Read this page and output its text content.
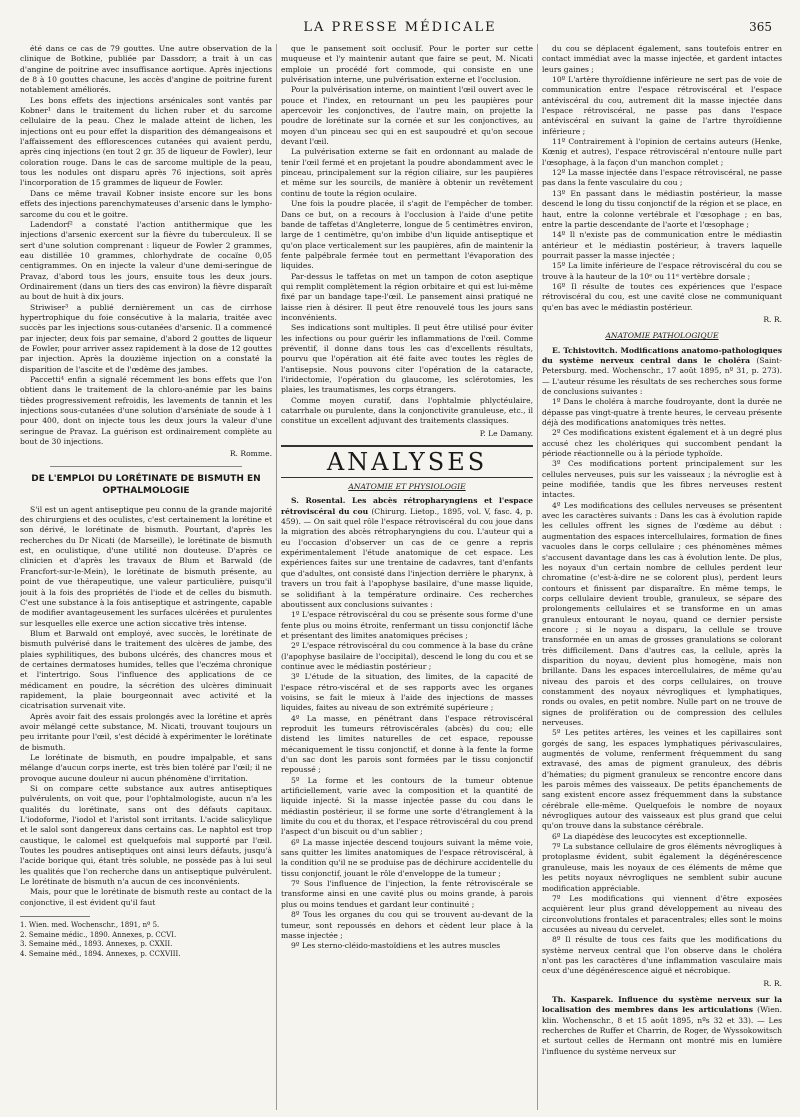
LA PRESSE MÉDICALE	365

été dans ce cas de 79 gouttes. Une autre observation de la clinique de Botkine, publiée par Dassdorr, a trait à un cas d'angine de poitrine avec insuffisance aortique. Après injections de 8 à 10 gouttes chacune, les accès d'angine de poitrine furent notablement améliorés.

Les bons effets des injections arsénicales sont vantés par Kobner¹ dans le traitement du lichen ruber et du sarcome cellulaire de la peau. Chez le malade atteint de lichen, les injections ont eu pour effet la disparition des démangeaisons et l'affaissement des efflorescences cutanées qui avaient perdu, après cinq injections (en tout 2 gr. 35 de liqueur de Fowler), leur coloration rouge. Dans le cas de sarcome multiple de la peau, tous les nodules ont disparu après 76 injections, soit après l'incorporation de 15 grammes de liqueur de Fowler.

Dans ce même travail Kobner insiste encore sur les bons effets des injections parenchymateuses d'arsenic dans le lympho-sarcome du cou et le goitre.

Ladendorf² a constaté l'action antithermique que les injections d'arsenic exercent sur la fièvre du tuberculeux. Il se sert d'une solution comprenant : liqueur de Fowler 2 grammes, eau distillée 10 grammes, chlorhydrate de cocaïne 0,05 centigrammes. On en injecte la valeur d'une demi-seringue de Pravaz, d'abord tous les jours, ensuite tous les deux jours. Ordinairement (dans un tiers des cas environ) la fièvre disparaît au bout de huit à dix jours.

Striwiser³ a publié dernièrement un cas de cirrhose hypertrophique du foie consécutive à la malaria, traitée avec succès par les injections sous-cutanées d'arsenic. Il a commencé par injecter, deux fois par semaine, d'abord 2 gouttes de liqueur de Fowler, pour arriver assez rapidement à la dose de 12 gouttes par injection. Après la douzième injection on a constaté la disparition de l'ascite et de l'œdème des jambes.

Paccetti⁴ enfin a signalé récemment les bons effets que l'on obtient dans le traitement de la chloro-anémie par les bains tièdes progressivement refroidis, les lavements de tannin et les injections sous-cutanées d'une solution d'arséniate de soude à 1 pour 400, dont on injecte tous les deux jours la valeur d'une seringue de Pravaz. La guérison est ordinairement complète au bout de 30 injections.

R. Romme.
DE L'EMPLOI DU LORÉTINATE DE BISMUTH EN OPTHALMOLOGIE

S'il est un agent antiseptique peu connu de la grande majorité des chirurgiens et des oculistes, c'est certainement la lorétine et son dérivé, le lorétinate de bismuth. Pourtant, d'après les recherches du Dr Nicati (de Marseille), le lorétinate de bismuth est, en oculistique, d'une utilité non douteuse. D'après ce clinicien et d'après les travaux de Blum et Barwald (de Francfort-sur-le-Mein), le lorétinate de bismuth présente, au point de vue thérapeutique, une valeur particulière, puisqu'il jouit à la fois des propriétés de l'iode et de celles du bismuth. C'est une substance à la fois antiseptique et astringente, capable de modifier avantageusement les surfaces ulcérées et purulentes sur lesquelles elle exerce une action siccative très intense.

Blum et Barwald ont employé, avec succès, le lorétinate de bismuth pulvérisé dans le traitement des ulcères de jambe, des plaies syphilitiques, des bubons ulcérés, des chancres mous et de certaines dermatoses humides, telles que l'eczéma chronique et l'intertrigo. Sous l'influence des applications de ce médicament en poudre, la sécrétion des ulcères diminuait rapidement, la plaie bourgeonnait avec activité et la cicatrisation survenait vite.

Après avoir fait des essais prolongés avec la lorétine et après avoir mélangé cette substance, M. Nicati, trouvant toujours un peu irritante pour l'œil, s'est décidé à expérimenter le lorétinate de bismuth.

Le lorétinate de bismuth, en poudre impalpable, et sans mélange d'aucun corps inerte, est très bien toléré par l'œil; il ne provoque aucune douleur ni aucun phénomène d'irritation.

Si on compare cette substance aux autres antiseptiques pulvérulents, on voit que, pour l'ophtalmologiste, aucun n'a les qualités du lorétinate, sans ont des défauts capitaux. L'iodoforme, l'iodol et l'aristol sont irritants. L'acide salicylique et le salol sont dangereux dans certains cas. Le naphtol est trop caustique, le calomel est quelquefois mal supporté par l'œil. Toutes les poudres antiseptiques ont ainsi leurs défauts, jusqu'à l'acide borique qui, étant très soluble, ne possède pas à lui seul les qualités que l'on recherche dans un antiseptique pulvérulent. Le lorétinate de bismuth n'a aucun de ces inconvénients.

Mais, pour que le lorétinate de bismuth reste au contact de la conjonctive, il est évident qu'il faut

1. Wien. med. Wochenschr., 1891, nº 5.
2. Semaine médic., 1890. Annexes, p. CCVI.
3. Semaine méd., 1893. Annexes, p. CXXII.
4. Semaine méd., 1894. Annexes, p. CCXVIII.

que le pansement soit occlusif. Pour le porter sur cette muqueuse et l'y maintenir autant que faire se peut, M. Nicati emploie un procédé fort commode, qui consiste en une pulvérisation interne, une pulvérisation externe et l'occlusion.

Pour la pulvérisation interne, on maintient l'œil ouvert avec le pouce et l'index, en retournant un peu les paupières pour apercevoir les conjonctives, de l'autre main, on projette la poudre de lorétinate sur la cornée et sur les conjonctives, au moyen d'un pinceau sec qui en est saupoudré et qu'on secoue devant l'œil.

La pulvérisation externe se fait en ordonnant au malade de tenir l'œil fermé et en projetant la poudre abondamment avec le pinceau, principalement sur la région ciliaire, sur les paupières et même sur les sourcils, de manière à obtenir un revêtement continu de toute la région oculaire.

Une fois la poudre placée, il s'agit de l'empêcher de tomber. Dans ce but, on a recours à l'occlusion à l'aide d'une petite bande de taffetas d'Angleterre, longue de 5 centimètres environ, large de 1 centimètre, qu'on imbibe d'un liquide antiseptique et qu'on place verticalement sur les paupières, afin de maintenir la fente palpébrale fermée tout en permettant l'évaporation des liquides.

Par-dessus le taffetas on met un tampon de coton aseptique qui remplit complètement la région orbitaire et qui est lui-même fixé par un bandage tape-l'œil. Le pansement ainsi pratiqué ne laisse rien à désirer. Il peut être renouvelé tous les jours sans inconvénients.

Ses indications sont multiples. Il peut être utilisé pour éviter les infections ou pour guérir les inflammations de l'œil. Comme préventif, il donne dans tous les cas d'excellents résultats, pourvu que l'opération ait été faite avec toutes les règles de l'antisepsie. Nous pouvons citer l'opération de la cataracte, l'iridectomie, l'opération du glaucome, les sclérotomies, les plaies, les traumatismes, les corps étrangers.

Comme moyen curatif, dans l'ophtalmie phlyctéulaire, catarrhale ou purulente, dans la conjonctivite granuleuse, etc., il constitue un excellent adjuvant des traitements classiques.

P. Le Damany.
ANALYSES
ANATOMIE ET PHYSIOLOGIE

S. Rosental. Les abcès rétropharyngiens et l'espace rétroviscéral du cou (Chirurg. Lietop., 1895, vol. V, fasc. 4, p. 459). — On sait quel rôle l'espace rétroviscéral du cou joue dans la migration des abcès rétropharyngiens du cou. L'auteur qui a eu l'occasion d'observer un cas de ce genre a repris expérimentalement l'étude anatomique de cet espace. Les expériences faites sur une trentaine de cadavres, tant d'enfants que d'adultes, ont consisté dans l'injection derrière le pharynx, à travers un trou fait à l'apophyse basilaire, d'une masse liquide, se solidifiant à la température ordinaire. Ces recherches aboutissent aux conclusions suivantes :

1º L'espace rétroviscéral du cou se présente sous forme d'une fente plus ou moins étroite, renfermant un tissu conjonctif lâche et présentant des limites anatomiques précises ;

2º L'espace rétroviscéral du cou commence à la base du crâne (l'apophyse basilaire de l'occipital), descend le long du cou et se continue avec le médiastin postérieur ;

3º L'étude de la situation, des limites, de la capacité de l'espace rétro-viscéral et de ses rapports avec les organes voisins, se fait le mieux à l'aide des injections de masses liquides, faites au niveau de son extrémité supérieure ;

4º La masse, en pénétrant dans l'espace rétroviscéral reproduit les tumeurs rétroviscérales (abcès) du cou; elle distend les limites naturelles de cet espace, repousse mécaniquement le tissu conjonctif, et donne à la fente la forme d'un sac dont les parois sont formées par le tissu conjonctif repoussé ;

5º La forme et les contours de la tumeur obtenue artificiellement, varie avec la composition et la quantité de liquide injecté. Si la masse injectée passe du cou dans le médiastin postérieur, il se forme une sorte d'étranglement à la limite du cou et du thorax, et l'espace rétroviscéral du cou prend l'aspect d'un biscuit ou d'un sablier ;

6º La masse injectée descend toujours suivant la même voie, sans quitter les limites anatomiques de l'espace rétroviscéral, à la condition qu'il ne se produise pas de déchirure accidentelle du tissu conjonctif, jouant le rôle d'enveloppe de la tumeur ;

7º Sous l'influence de l'injection, la fente rétroviscérale se transforme ainsi en une cavité plus ou moins grande, à parois plus ou moins tendues et gardant leur continuité ;

8º Tous les organes du cou qui se trouvent au-devant de la tumeur, sont repoussés en dehors et cèdent leur place à la masse injectée ;

9º Les sterno-cléido-mastoïdiens et les autres muscles

du cou se déplacent également, sans toutefois entrer en contact immédiat avec la masse injectée, et gardent intactes leurs gaines ;

10º L'artère thyroïdienne inférieure ne sert pas de voie de communication entre l'espace rétroviscéral et l'espace antéviscéral du cou, autrement dit la masse injectée dans l'espace rétroviscéral, ne passe pas dans l'espace antéviscéral en suivant la gaine de l'artre thyroïdienne inférieure ;

11º Contrairement à l'opinion de certains auteurs (Henke, Kœnig et autres), l'espace rétroviscéral n'entoure nulle part l'œsophage, à la façon d'un manchon complet ;

12º La masse injectée dans l'espace rétroviscéral, ne passe pas dans la fente vasculaire du cou ;

13º En passant dans le médiastin postérieur, la masse descend le long du tissu conjonctif de la région et se place, en haut, entre la colonne vertébrale et l'œsophage ; en bas, entre la partie descendante de l'aorte et l'œsophage ;

14º Il n'existe pas de communication entre le médiastin antérieur et le médiastin postérieur, à travers laquelle pourrait passer la masse injectée ;

15º La limite inférieure de l'espace rétroviscéral du cou se trouve à la hauteur de la 10ᵉ ou 11ᵉ vertèbre dorsale ;

16º Il résulte de toutes ces expériences que l'espace rétroviscéral du cou, est une cavité close ne communiquant qu'en bas avec le médiastin postérieur.

R. R.
ANATOMIE PATHOLOGIQUE

E. Tchistovitch. Modifications anatomo-pathologiques du système nerveux central dans le choléra (Saint-Petersburg. med. Wochenschr., 17 août 1895, nº 31, p. 273). — L'auteur résume les résultats de ses recherches sous forme de conclusions suivantes :

1º Dans le choléra à marche foudroyante, dont la durée ne dépasse pas vingt-quatre à trente heures, le cerveau présente déjà des modifications anatomiques très nettes.

2º Ces modifications existent également et à un degré plus accusé chez les cholériques qui succombent pendant la période réactionnelle ou à la période typhoïde.

3º Ces modifications portent principalement sur les cellules nerveuses, puis sur les vaisseaux ; la névroglie est à peine modifiée, tandis que les fibres nerveuses restent intactes.

4º Les modifications des cellules nerveuses se présentent avec les caractères suivants : Dans les cas à évolution rapide les cellules offrent les signes de l'œdème au début : augmentation des espaces intercellulaires, formation de fines vacuoles dans le corps cellulaire ; ces phénomènes mêmes s'accusent davantage dans les cas à évolution lente. De plus, les noyaux d'un certain nombre de cellules perdent leur chromatine (c'est-à-dire ne se colorent plus), perdent leurs contours et finissent par disparaître. En même temps, le corps cellulaire devient trouble, granuleux, se sépare des prolongements cellulaires et se transforme en un amas granuleux entourant le noyau, quand ce dernier persiste encore ; si le noyau a disparu, la cellule se trouve transformée en un amas de grosses granulations se colorant très difficilement. Dans d'autres cas, la cellule, après la disparition du noyau, devient plus homogène, mais non brillante. Dans les espaces intercellulaires, de même qu'au niveau des parois et des corps cellulaires, on trouve constamment des noyaux névrogliques et lymphatiques, ronds ou ovales, en petit nombre. Nulle part on ne trouve de signes de prolifération ou de compression des cellules nerveuses.

5º Les petites artères, les veines et les capillaires sont gorgés de sang, les espaces lymphatiques périvasculaires, augmentés de volume, renferment fréquemment du sang extravasé, des amas de pigment granuleux, des débris d'hématies; du pigment granuleux se rencontre encore dans les parois mêmes des vaisseaux. De petits épanchements de sang existent encore assez fréquemment dans la substance cérébrale elle-même. Quelquefois le nombre de noyaux névrogliques autour des vaisseaux est plus grand que celui qu'on trouve dans la substance cérébrale.

6º La diapédèse des leucocytes est exceptionnelle.

7º La substance cellulaire de gros éléments névrogliques à protoplasme évident, subit également la dégénérescence granuleuse, mais les noyaux de ces éléments de même que les petits noyaux névrogliques ne semblent subir aucune modification appréciable.

7º Les modifications qui viennent d'être exposées acquièrent leur plus grand développement au niveau des circonvolutions frontales et paracentrales; elles sont le moins accusées au niveau du cervelet.

8º Il résulte de tous ces faits que les modifications du système nerveux central que l'on observe dans le choléra n'ont pas les caractères d'une inflammation vasculaire mais ceux d'une dégénérescence aiguë et nécrobique.

R. R.

Th. Kasparek. Influence du système nerveux sur la localisation des membres dans les articulations (Wien. klin. Wochenschr., 8 et 15 août 1895, nºs 32 et 33). — Les recherches de Ruffer et Charrin, de Roger, de Wyssokowitsch et surtout celles de Hermann ont montré mis en lumière l'influence du système nerveux sur
